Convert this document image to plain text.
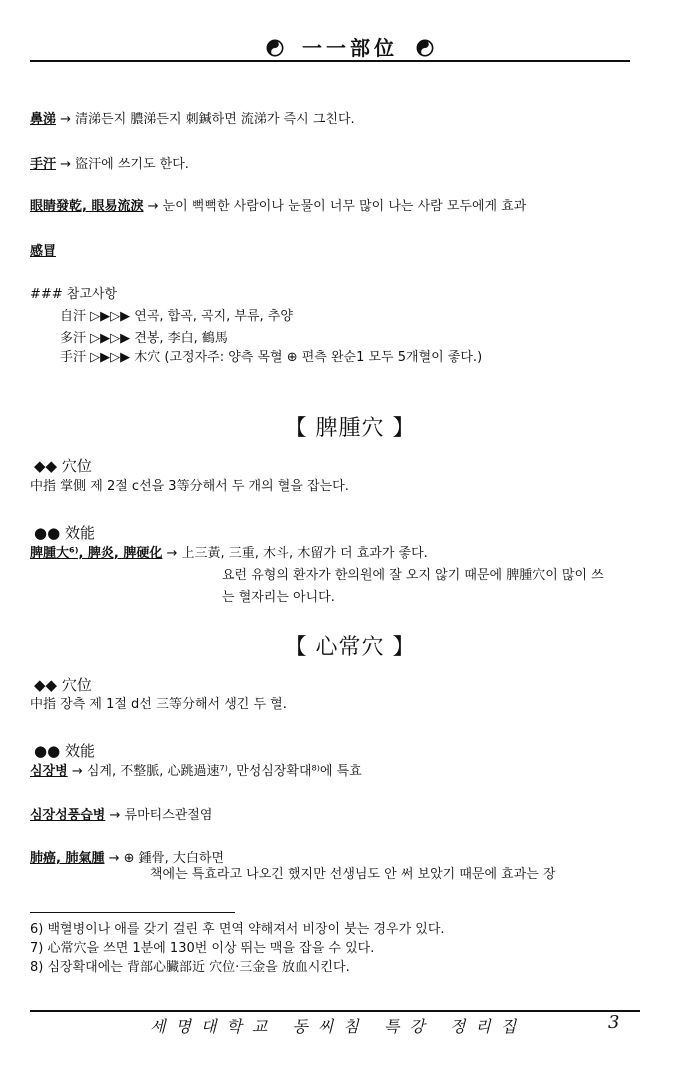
一一部位
鼻涕 → 清涕든지 膿涕든지 刺鍼하면 流涕가 즉시 그친다.
手汗 → 盜汗에 쓰기도 한다.
眼睛發乾, 眼易流淚 → 눈이 뻑뻑한 사람이나 눈물이 너무 많이 나는 사람 모두에게 효과
感冒
### 참고사항
自汗 ▷▶▷▶ 연곡, 합곡, 곡지, 부류, 추양
多汗 ▷▶▷▶ 견봉, 李白, 鶴馬
手汗 ▷▶▷▶ 木穴 (고정자주: 양측 목혈 ⊕ 편측 완순1 모두 5개혈이 좋다.)
【 脾腫穴 】
◆◆ 穴位
中指 掌側 제 2절 c선을 3等分해서 두 개의 혈을 잡는다.
●● 效能
脾腫大⁶⁾, 脾炎, 脾硬化 → 上三黃, 三重, 木斗, 木留가 더 효과가 좋다.
요런 유형의 환자가 한의원에 잘 오지 않기 때문에 脾腫穴이 많이 쓰
는 혈자리는 아니다.
【 心常穴 】
◆◆ 穴位
中指 장측 제 1절 d선 三等分해서 생긴 두 혈.
●● 效能
심장병 → 심계, 不整脈, 心跳過速⁷⁾, 만성심장확대⁸⁾에 특효
심장성풍습병 → 류마티스관절염
肺癌, 肺氣腫 → ⊕ 鍾骨, 大白하면
책에는 특효라고 나오긴 했지만 선생님도 안 써 보았기 때문에 효과는 장
6) 백혈병이나 애를 갖기 걸린 후 면역 약해져서 비장이 붓는 경우가 있다.
7) 心常穴을 쓰면 1분에 130번 이상 뛰는 맥을 잡을 수 있다.
8) 심장확대에는 背部心臟部近 穴位·三金을 放血시킨다.
세명대학교 동씨침 특강 정리집	3
